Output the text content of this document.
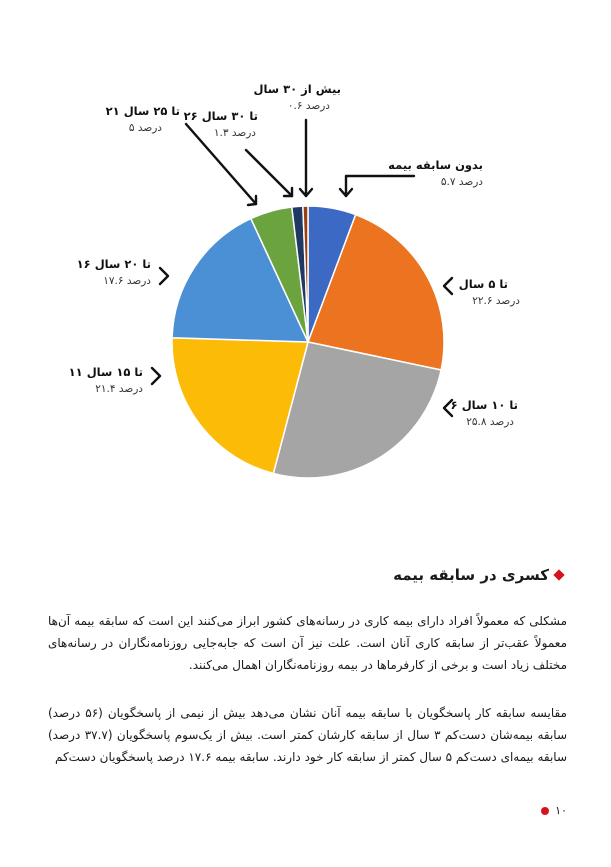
بدون سابقه بیمه
۵.۷ درصد
تا ۵ سال
۲۲.۶ درصد
۶ تا ۱۰ سال
۲۵.۸ درصد
۱۱ تا ۱۵ سال
۲۱.۴ درصد
۱۶ تا ۲۰ سال
۱۷.۶ درصد
۲۱ تا ۲۵ سال
۵ درصد
۲۶ تا ۳۰ سال
۱.۳ درصد
بیش از ۳۰ سال
۰.۶ درصد
کسری در سابقه بیمه
مشکلی که معمولاً افراد دارای بیمه کاری در رسانه‌های کشور ابراز می‌کنند این است که سابقه بیمه آن‌ها معمولاً عقب‌تر از سابقه کاری آنان است. علت نیز آن است که جابه‌جایی روزنامه‌نگاران در رسانه‌های مختلف زیاد است و برخی از کارفرماها در بیمه روزنامه‌نگاران اهمال می‌کنند.
مقایسه سابقه کار پاسخگویان با سابقه بیمه آنان نشان می‌دهد بیش از نیمی از پاسخگویان (۵۶ درصد) سابقه بیمه‌شان دست‌کم ۳ سال از سابقه کارشان کمتر است. بیش از یک‌سوم پاسخگویان (۳۷.۷ درصد) سابقه بیمه‌ای دست‌کم ۵ سال کمتر از سابقه کار خود دارند. سابقه بیمه ۱۷.۶ درصد پاسخگویان دست‌کم
۱۰
